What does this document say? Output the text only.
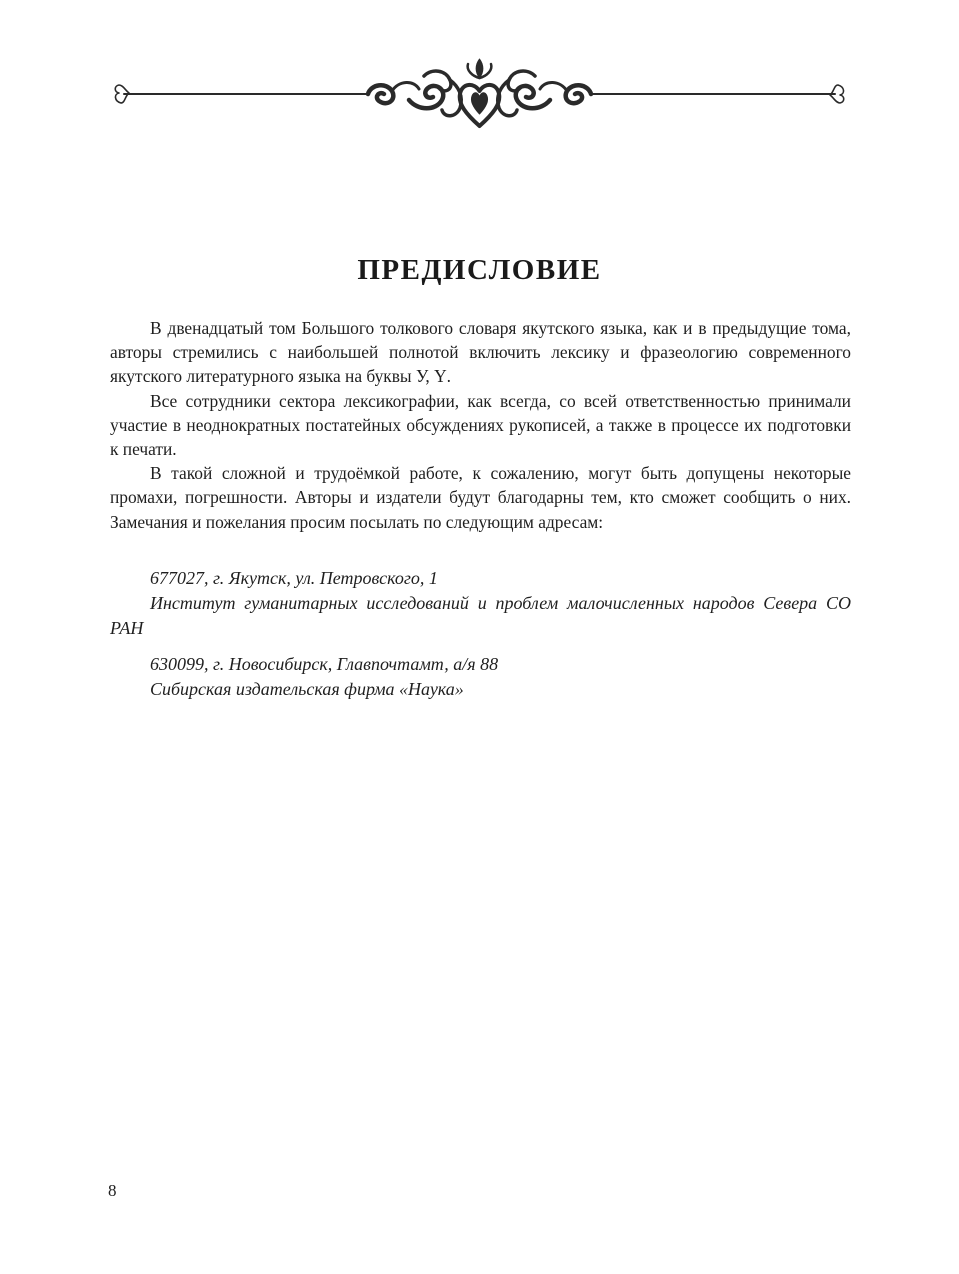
ПРЕДИСЛОВИЕ

В двенадцатый том Большого толкового словаря якутского языка, как и в предыдущие тома, авторы стремились с наибольшей полнотой включить лексику и фразеологию современного якутского литературного языка на буквы У, Ү.

Все сотрудники сектора лексикографии, как всегда, со всей ответственностью принимали участие в неоднократных постатейных обсуждениях рукописей, а также в процессе их подготовки к печати.

В такой сложной и трудоёмкой работе, к сожалению, могут быть допущены некоторые промахи, погрешности. Авторы и издатели будут благодарны тем, кто сможет сообщить о них. Замечания и пожелания просим посылать по следующим адресам:

677027, г. Якутск, ул. Петровского, 1

Институт гуманитарных исследований и проблем малочисленных народов Севера СО РАН

630099, г. Новосибирск, Главпочтамт, а/я 88

Сибирская издательская фирма «Наука»

8
